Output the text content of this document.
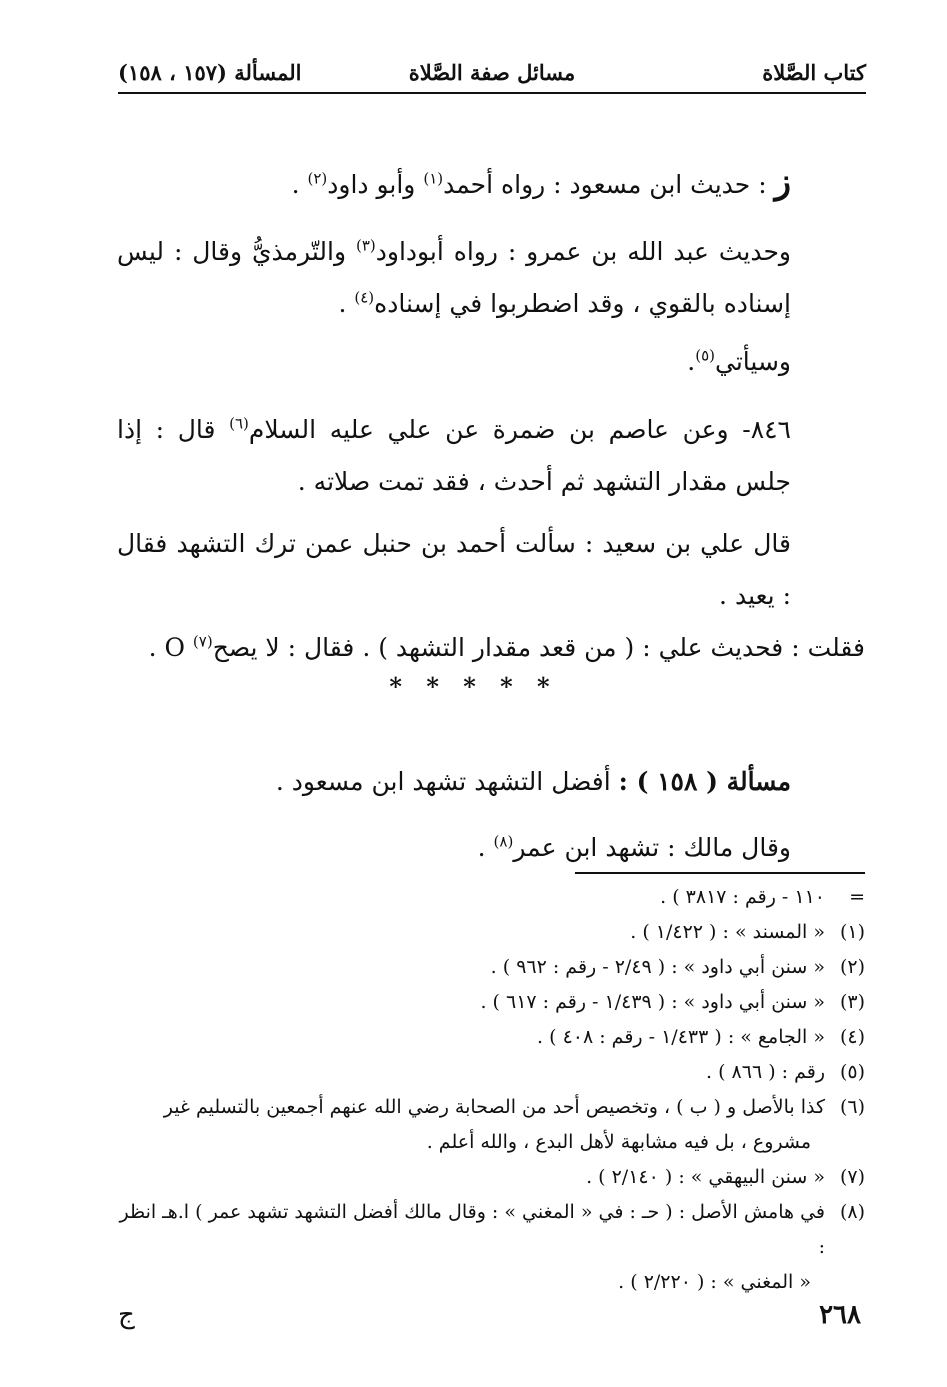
كتاب الصَّلاة
مسائل صفة الصَّلاة
المسألة (١٥٧ ، ١٥٨)

ز : حديث ابن مسعود : رواه أحمد$^{(١)}$ وأبو داود$^{(٢)}$ .

وحديث عبد الله بن عمرو : رواه أبوداود$^{(٣)}$ والتّرمذيُّ وقال : ليس إسناده بالقوي ، وقد اضطربوا في إسناده$^{(٤)}$ .

وسيأتي$^{(٥)}$.

٨٤٦- وعن عاصم بن ضمرة عن علي عليه السلام$^{(٦)}$ قال : إذا جلس مقدار التشهد ثم أحدث ، فقد تمت صلاته .

قال علي بن سعيد : سألت أحمد بن حنبل عمن ترك التشهد فقال : يعيد .

فقلت : فحديث علي : ( من قعد مقدار التشهد ) . فقال : لا يصح$^{(٧)}$ O .

* * * * *

مسألة ( ١٥٨ ) : أفضل التشهد تشهد ابن مسعود .

وقال مالك : تشهد ابن عمر$^{(٨)}$ .

=
١١٠ - رقم : ٣٨١٧ ) .

(١)
« المسند » : ( ١/٤٢٢ ) .

(٢)
« سنن أبي داود » : ( ٢/٤٩ - رقم : ٩٦٢ ) .

(٣)
« سنن أبي داود » : ( ١/٤٣٩ - رقم : ٦١٧ ) .

(٤)
« الجامع » : ( ١/٤٣٣ - رقم : ٤٠٨ ) .

(٥)
رقم : ( ٨٦٦ ) .

(٦)
كذا بالأصل و ( ب ) ، وتخصيص أحد من الصحابة رضي الله عنهم أجمعين بالتسليم غير
مشروع ، بل فيه مشابهة لأهل البدع ، والله أعلم .

(٧)
« سنن البيهقي » : ( ٢/١٤٠ ) .

(٨)
في هامش الأصل : ( حـ : في « المغني » : وقال مالك أفضل التشهد تشهد عمر ) ا.هـ انظر :
« المغني » : ( ٢/٢٢٠ ) .

٢٦٨
ج
